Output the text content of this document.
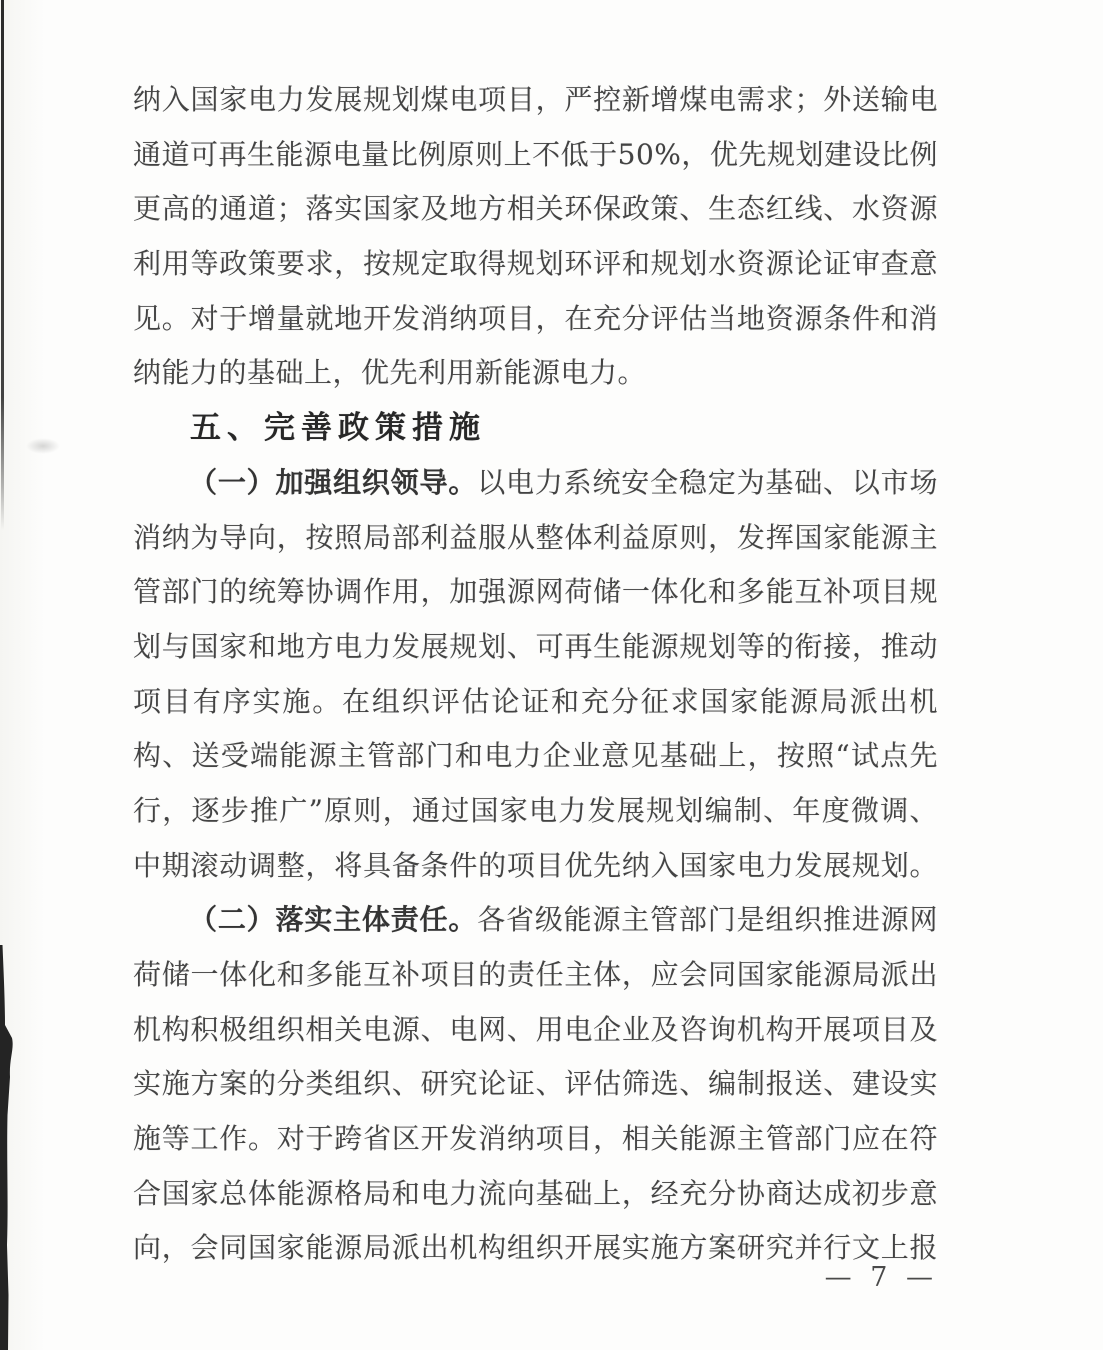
纳入国家电力发展规划煤电项目，严控新增煤电需求；外送输电
通道可再生能源电量比例原则上不低于50%，优先规划建设比例
更高的通道；落实国家及地方相关环保政策、生态红线、水资源
利用等政策要求，按规定取得规划环评和规划水资源论证审查意
见。对于增量就地开发消纳项目，在充分评估当地资源条件和消
纳能力的基础上，优先利用新能源电力。
五、完善政策措施
（一）加强组织领导。以电力系统安全稳定为基础、以市场
消纳为导向，按照局部利益服从整体利益原则，发挥国家能源主
管部门的统筹协调作用，加强源网荷储一体化和多能互补项目规
划与国家和地方电力发展规划、可再生能源规划等的衔接，推动
项目有序实施。在组织评估论证和充分征求国家能源局派出机
构、送受端能源主管部门和电力企业意见基础上，按照“试点先
行，逐步推广”原则，通过国家电力发展规划编制、年度微调、
中期滚动调整，将具备条件的项目优先纳入国家电力发展规划。
（二）落实主体责任。各省级能源主管部门是组织推进源网
荷储一体化和多能互补项目的责任主体，应会同国家能源局派出
机构积极组织相关电源、电网、用电企业及咨询机构开展项目及
实施方案的分类组织、研究论证、评估筛选、编制报送、建设实
施等工作。对于跨省区开发消纳项目，相关能源主管部门应在符
合国家总体能源格局和电力流向基础上，经充分协商达成初步意
向，会同国家能源局派出机构组织开展实施方案研究并行文上报
— 7 —
